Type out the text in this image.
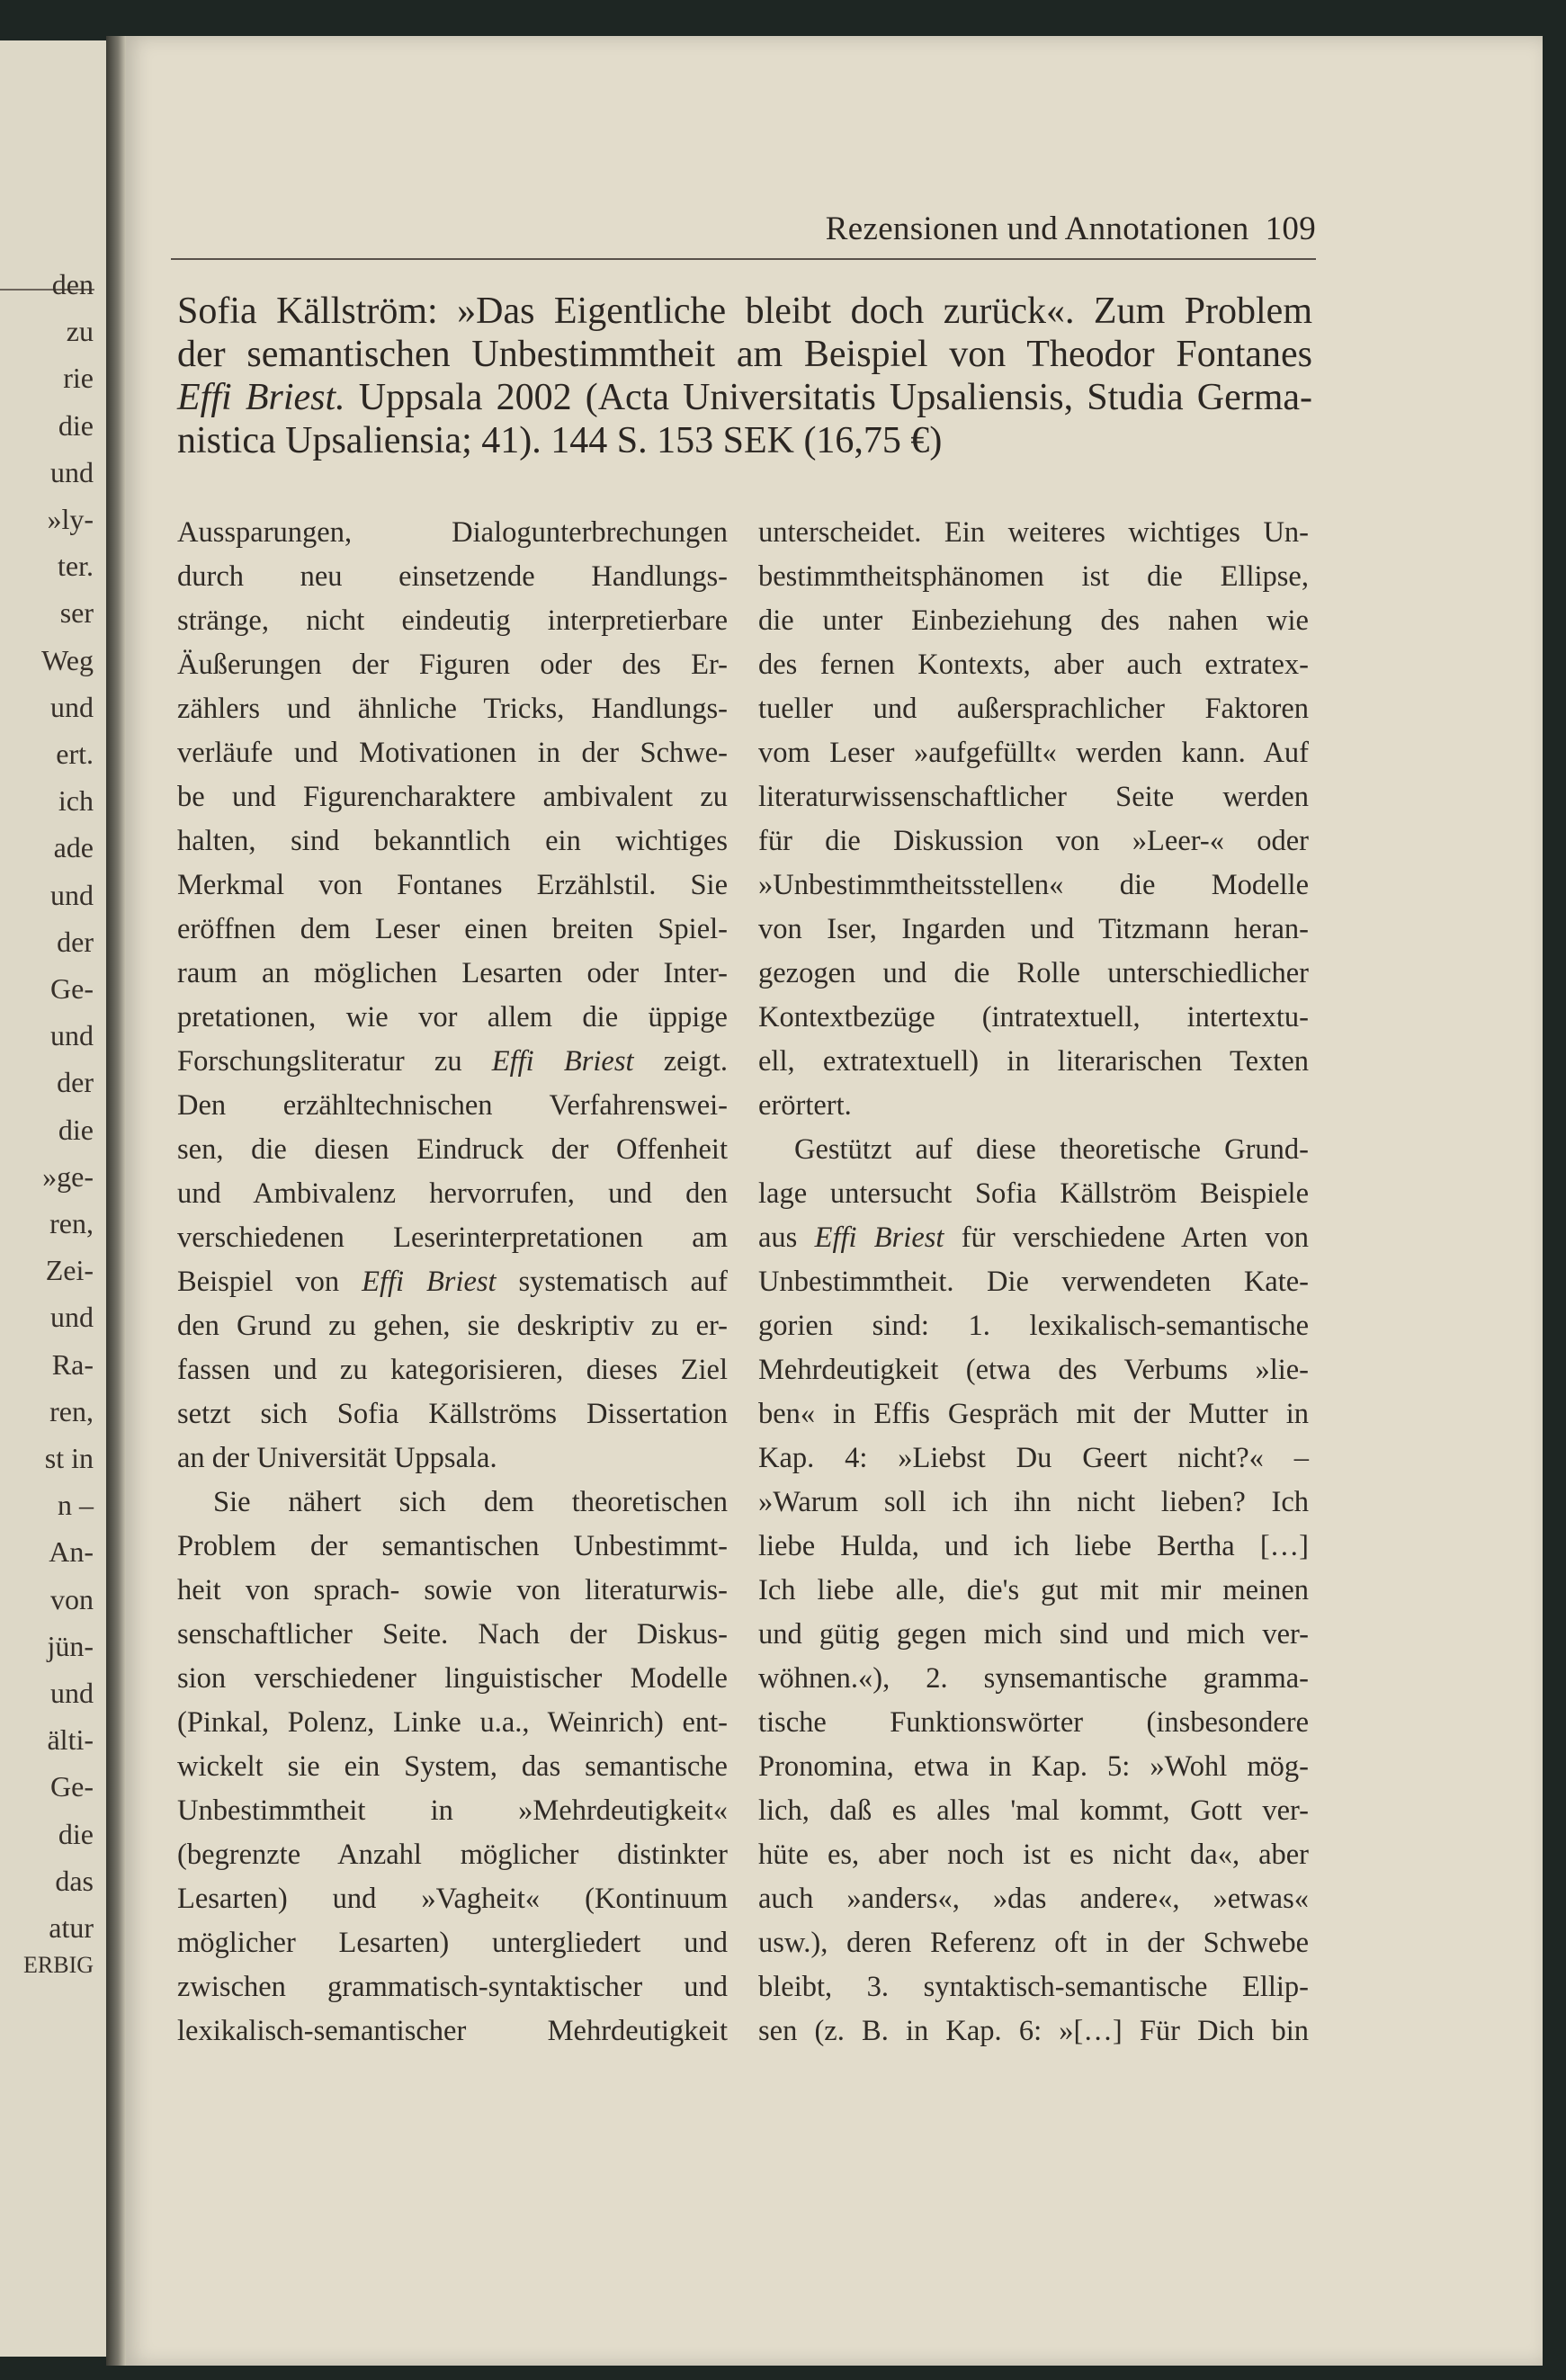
den
zu
rie
die
und
»ly-
ter.
ser
Weg
und
ert.
ich
ade
und
der
Ge-
und
der
die
»ge-
ren,
Zei-
und
Ra-
ren,
st in
n –
An-
von
jün-
und
älti-
Ge-
die
das
atur
ERBIG
Rezensionen und Annotationen 109
Sofia Källström: »Das Eigentliche bleibt doch zurück«. Zum Problem
der semantischen Unbestimmtheit am Beispiel von Theodor Fontanes
Effi Briest. Uppsala 2002 (Acta Universitatis Upsaliensis, Studia Germa-
nistica Upsaliensia; 41). 144 S. 153 SEK (16,75 €)
Aussparungen, Dialogunterbrechungen
durch neu einsetzende Handlungs-
stränge, nicht eindeutig interpretierbare
Äußerungen der Figuren oder des Er-
zählers und ähnliche Tricks, Handlungs-
verläufe und Motivationen in der Schwe-
be und Figurencharaktere ambivalent zu
halten, sind bekanntlich ein wichtiges
Merkmal von Fontanes Erzählstil. Sie
eröffnen dem Leser einen breiten Spiel-
raum an möglichen Lesarten oder Inter-
pretationen, wie vor allem die üppige
Forschungsliteratur zu Effi Briest zeigt.
Den erzähltechnischen Verfahrenswei-
sen, die diesen Eindruck der Offenheit
und Ambivalenz hervorrufen, und den
verschiedenen Leserinterpretationen am
Beispiel von Effi Briest systematisch auf
den Grund zu gehen, sie deskriptiv zu er-
fassen und zu kategorisieren, dieses Ziel
setzt sich Sofia Källströms Dissertation
an der Universität Uppsala.
Sie nähert sich dem theoretischen
Problem der semantischen Unbestimmt-
heit von sprach- sowie von literaturwis-
senschaftlicher Seite. Nach der Diskus-
sion verschiedener linguistischer Modelle
(Pinkal, Polenz, Linke u.a., Weinrich) ent-
wickelt sie ein System, das semantische
Unbestimmtheit in »Mehrdeutigkeit«
(begrenzte Anzahl möglicher distinkter
Lesarten) und »Vagheit« (Kontinuum
möglicher Lesarten) untergliedert und
zwischen grammatisch-syntaktischer und
lexikalisch-semantischer Mehrdeutigkeit
unterscheidet. Ein weiteres wichtiges Un-
bestimmtheitsphänomen ist die Ellipse,
die unter Einbeziehung des nahen wie
des fernen Kontexts, aber auch extratex-
tueller und außersprachlicher Faktoren
vom Leser »aufgefüllt« werden kann. Auf
literaturwissenschaftlicher Seite werden
für die Diskussion von »Leer-« oder
»Unbestimmtheitsstellen« die Modelle
von Iser, Ingarden und Titzmann heran-
gezogen und die Rolle unterschiedlicher
Kontextbezüge (intratextuell, intertextu-
ell, extratextuell) in literarischen Texten
erörtert.
Gestützt auf diese theoretische Grund-
lage untersucht Sofia Källström Beispiele
aus Effi Briest für verschiedene Arten von
Unbestimmtheit. Die verwendeten Kate-
gorien sind: 1. lexikalisch-semantische
Mehrdeutigkeit (etwa des Verbums »lie-
ben« in Effis Gespräch mit der Mutter in
Kap. 4: »Liebst Du Geert nicht?« –
»Warum soll ich ihn nicht lieben? Ich
liebe Hulda, und ich liebe Bertha […]
Ich liebe alle, die's gut mit mir meinen
und gütig gegen mich sind und mich ver-
wöhnen.«), 2. synsemantische gramma-
tische Funktionswörter (insbesondere
Pronomina, etwa in Kap. 5: »Wohl mög-
lich, daß es alles 'mal kommt, Gott ver-
hüte es, aber noch ist es nicht da«, aber
auch »anders«, »das andere«, »etwas«
usw.), deren Referenz oft in der Schwebe
bleibt, 3. syntaktisch-semantische Ellip-
sen (z. B. in Kap. 6: »[…] Für Dich bin
